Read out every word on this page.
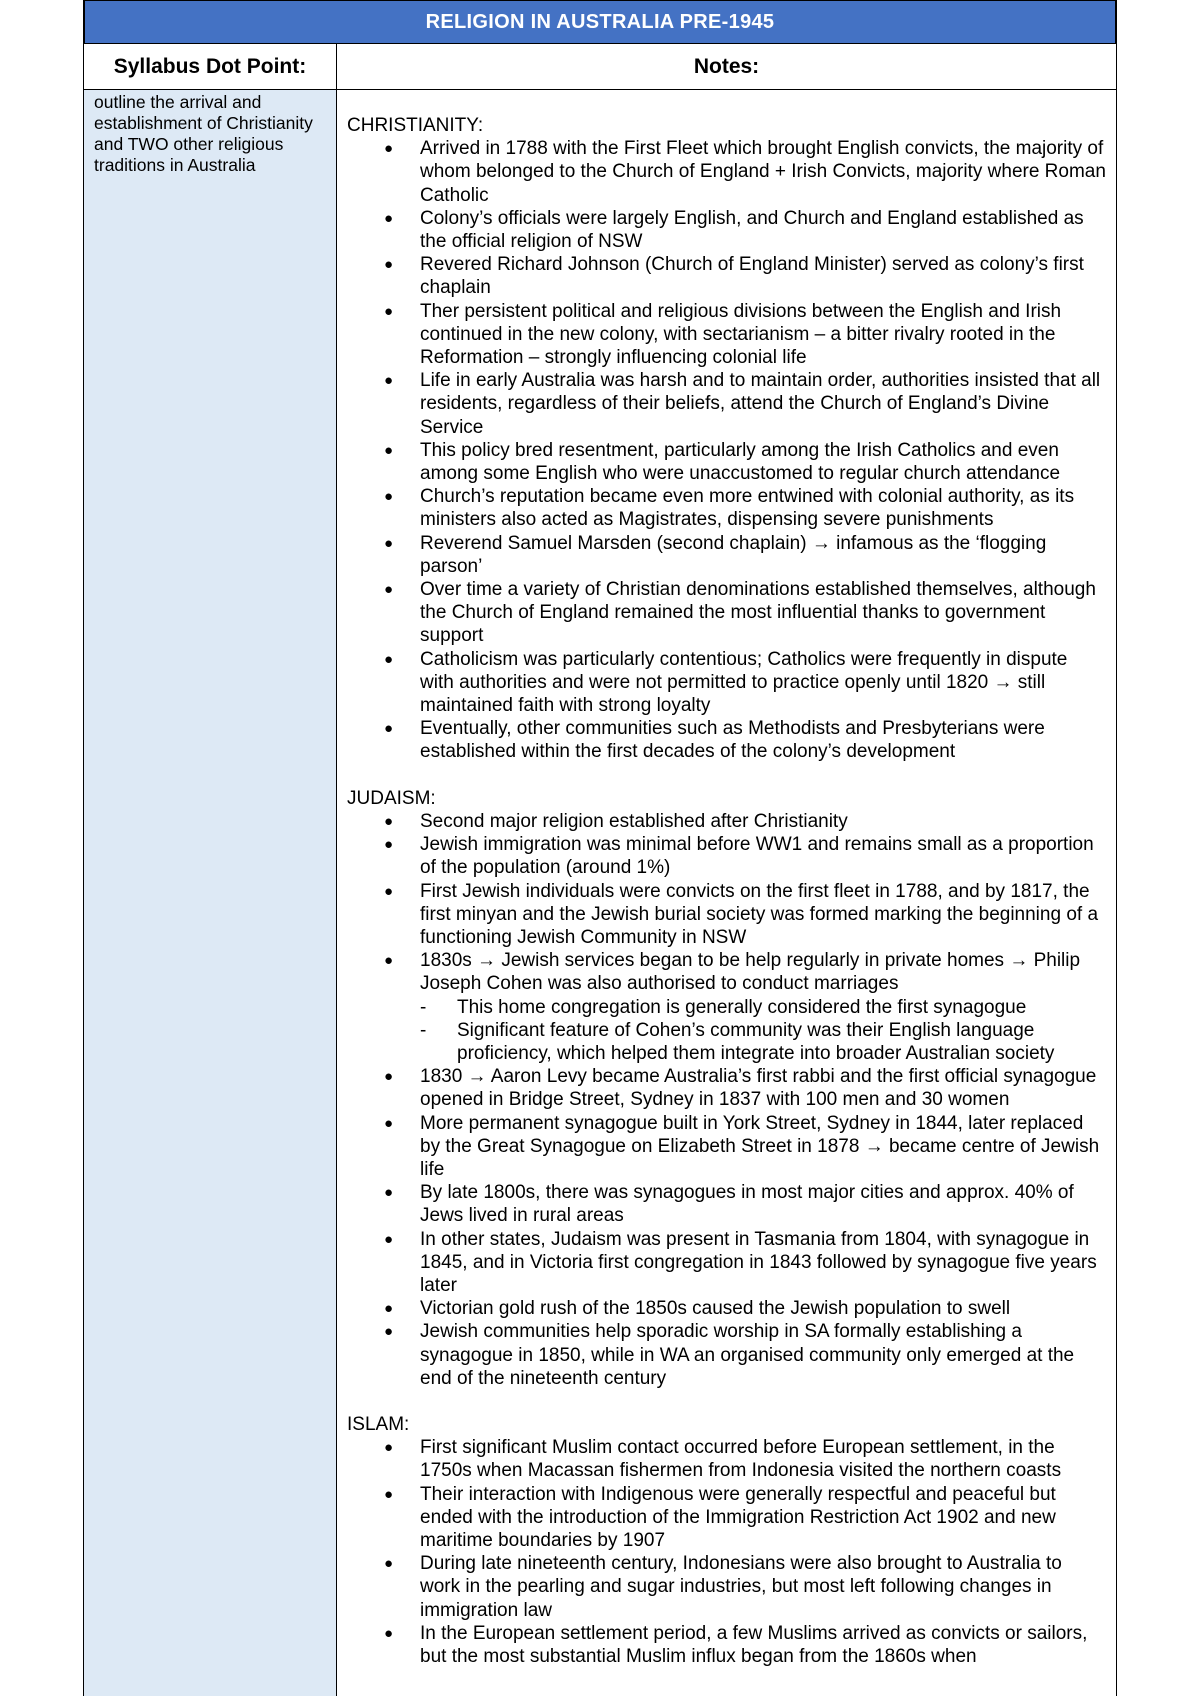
RELIGION IN AUSTRALIA PRE-1945
Syllabus Dot Point:	Notes:
outline the arrival and establishment of Christianity and TWO other religious traditions in Australia

CHRISTIANITY:

● Arrived in 1788 with the First Fleet which brought English convicts, the majority of whom belonged to the Church of England + Irish Convicts, majority where Roman Catholic
● Colony’s officials were largely English, and Church and England established as the official religion of NSW
● Revered Richard Johnson (Church of England Minister) served as colony’s first chaplain
● Ther persistent political and religious divisions between the English and Irish continued in the new colony, with sectarianism – a bitter rivalry rooted in the Reformation – strongly influencing colonial life
● Life in early Australia was harsh and to maintain order, authorities insisted that all residents, regardless of their beliefs, attend the Church of England’s Divine Service
● This policy bred resentment, particularly among the Irish Catholics and even among some English who were unaccustomed to regular church attendance
● Church’s reputation became even more entwined with colonial authority, as its ministers also acted as Magistrates, dispensing severe punishments
● Reverend Samuel Marsden (second chaplain) → infamous as the ‘flogging parson’
● Over time a variety of Christian denominations established themselves, although the Church of England remained the most influential thanks to government support
● Catholicism was particularly contentious; Catholics were frequently in dispute with authorities and were not permitted to practice openly until 1820 → still maintained faith with strong loyalty
● Eventually, other communities such as Methodists and Presbyterians were established within the first decades of the colony’s development

JUDAISM:

● Second major religion established after Christianity
● Jewish immigration was minimal before WW1 and remains small as a proportion of the population (around 1%)
● First Jewish individuals were convicts on the first fleet in 1788, and by 1817, the first minyan and the Jewish burial society was formed marking the beginning of a functioning Jewish Community in NSW
● 1830s → Jewish services began to be help regularly in private homes → Philip Joseph Cohen was also authorised to conduct marriages
- This home congregation is generally considered the first synagogue
- Significant feature of Cohen’s community was their English language proficiency, which helped them integrate into broader Australian society
● 1830 → Aaron Levy became Australia’s first rabbi and the first official synagogue opened in Bridge Street, Sydney in 1837 with 100 men and 30 women
● More permanent synagogue built in York Street, Sydney in 1844, later replaced by the Great Synagogue on Elizabeth Street in 1878 → became centre of Jewish life
● By late 1800s, there was synagogues in most major cities and approx. 40% of Jews lived in rural areas
● In other states, Judaism was present in Tasmania from 1804, with synagogue in 1845, and in Victoria first congregation in 1843 followed by synagogue five years later
● Victorian gold rush of the 1850s caused the Jewish population to swell
● Jewish communities help sporadic worship in SA formally establishing a synagogue in 1850, while in WA an organised community only emerged at the end of the nineteenth century

ISLAM:

● First significant Muslim contact occurred before European settlement, in the 1750s when Macassan fishermen from Indonesia visited the northern coasts
● Their interaction with Indigenous were generally respectful and peaceful but ended with the introduction of the Immigration Restriction Act 1902 and new maritime boundaries by 1907
● During late nineteenth century, Indonesians were also brought to Australia to work in the pearling and sugar industries, but most left following changes in immigration law
● In the European settlement period, a few Muslims arrived as convicts or sailors, but the most substantial Muslim influx began from the 1860s when
